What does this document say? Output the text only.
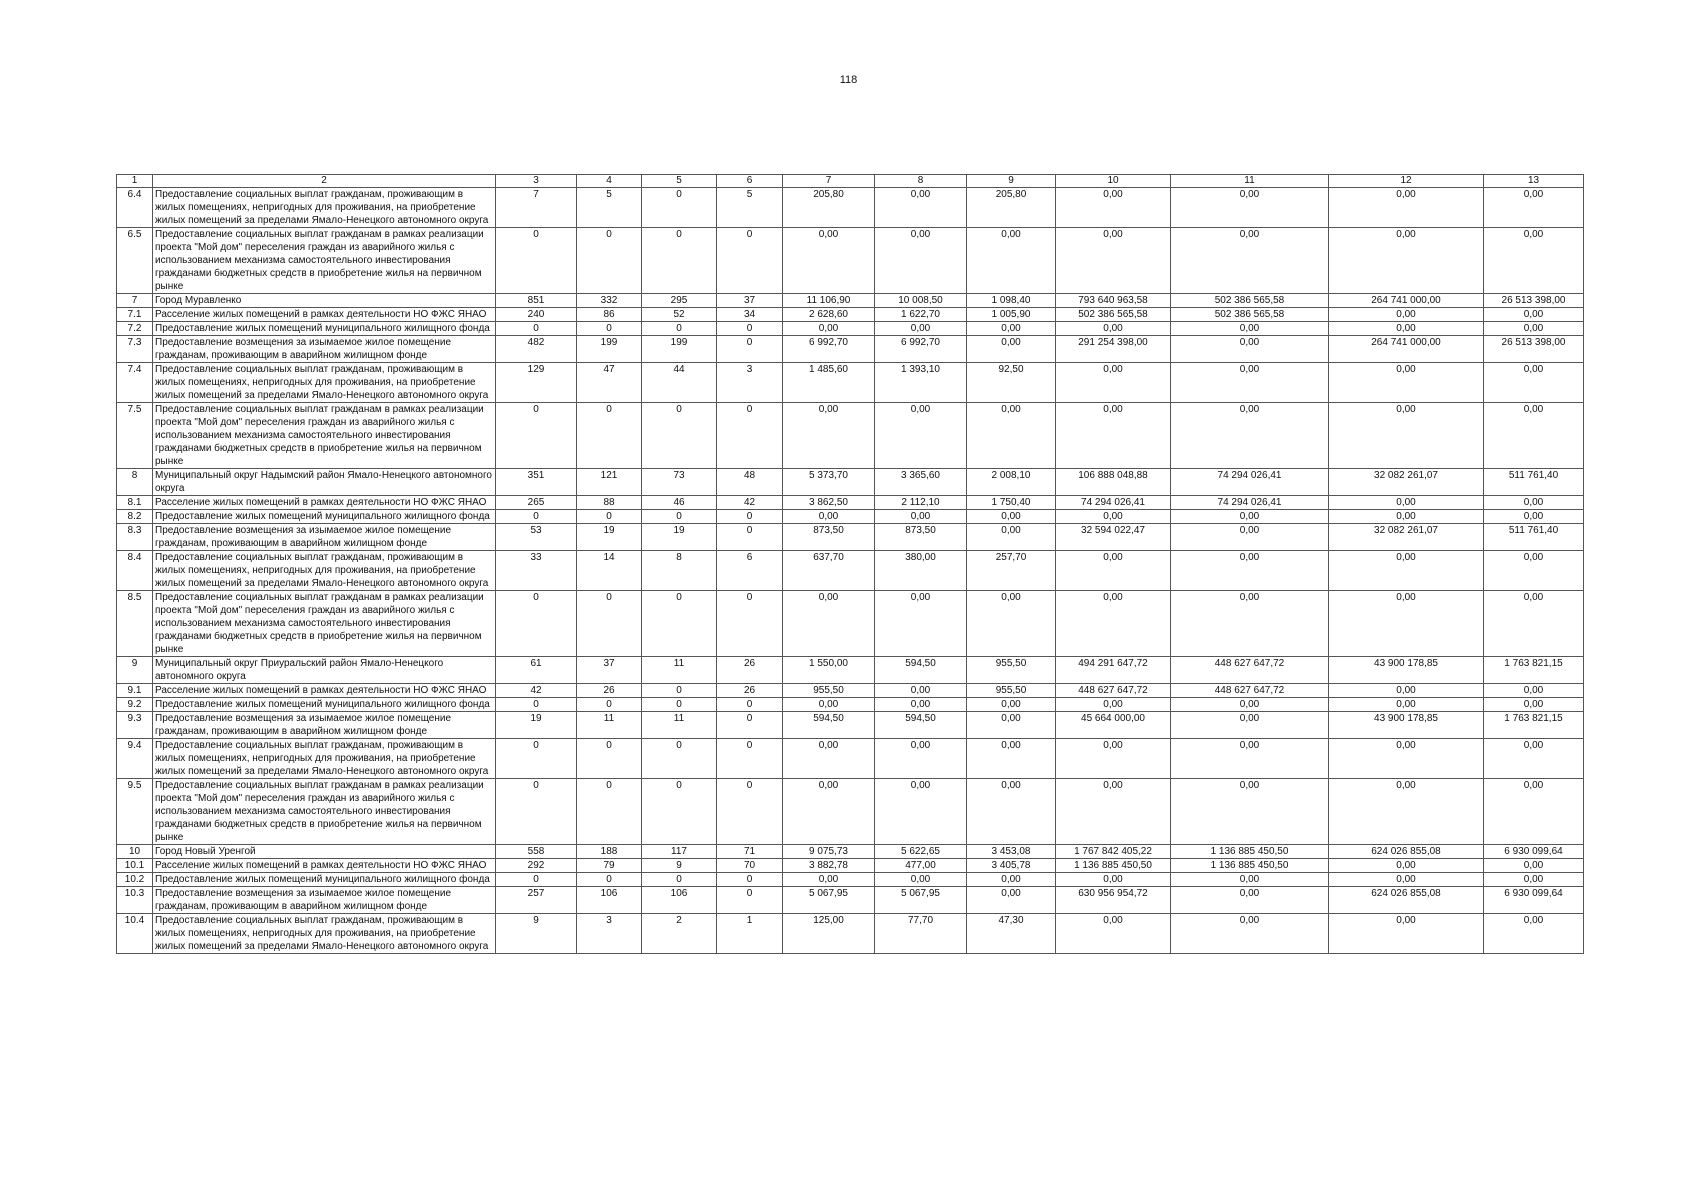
118
1	2	3	4	5	6	7	8	9	10	11	12	13
6.4	Предоставление социальных выплат гражданам, проживающим в жилых помещениях, непригодных для проживания, на приобретение жилых помещений за пределами Ямало-Ненецкого автономного округа	7	5	0	5	205,80	0,00	205,80	0,00	0,00	0,00	0,00
6.5	Предоставление социальных выплат гражданам в рамках реализации проекта "Мой дом" переселения граждан из аварийного жилья с использованием механизма самостоятельного инвестирования гражданами бюджетных средств в приобретение жилья на первичном рынке	0	0	0	0	0,00	0,00	0,00	0,00	0,00	0,00	0,00
7	Город Муравленко	851	332	295	37	11 106,90	10 008,50	1 098,40	793 640 963,58	502 386 565,58	264 741 000,00	26 513 398,00
7.1	Расселение жилых помещений в рамках деятельности НО ФЖС ЯНАО	240	86	52	34	2 628,60	1 622,70	1 005,90	502 386 565,58	502 386 565,58	0,00	0,00
7.2	Предоставление жилых помещений муниципального жилищного фонда	0	0	0	0	0,00	0,00	0,00	0,00	0,00	0,00	0,00
7.3	Предоставление возмещения за изымаемое жилое помещение гражданам, проживающим в аварийном жилищном фонде	482	199	199	0	6 992,70	6 992,70	0,00	291 254 398,00	0,00	264 741 000,00	26 513 398,00
7.4	Предоставление социальных выплат гражданам, проживающим в жилых помещениях, непригодных для проживания, на приобретение жилых помещений за пределами Ямало-Ненецкого автономного округа	129	47	44	3	1 485,60	1 393,10	92,50	0,00	0,00	0,00	0,00
7.5	Предоставление социальных выплат гражданам в рамках реализации проекта "Мой дом" переселения граждан из аварийного жилья с использованием механизма самостоятельного инвестирования гражданами бюджетных средств в приобретение жилья на первичном рынке	0	0	0	0	0,00	0,00	0,00	0,00	0,00	0,00	0,00
8	Муниципальный округ Надымский район Ямало-Ненецкого автономного округа	351	121	73	48	5 373,70	3 365,60	2 008,10	106 888 048,88	74 294 026,41	32 082 261,07	511 761,40
8.1	Расселение жилых помещений в рамках деятельности НО ФЖС ЯНАО	265	88	46	42	3 862,50	2 112,10	1 750,40	74 294 026,41	74 294 026,41	0,00	0,00
8.2	Предоставление жилых помещений муниципального жилищного фонда	0	0	0	0	0,00	0,00	0,00	0,00	0,00	0,00	0,00
8.3	Предоставление возмещения за изымаемое жилое помещение гражданам, проживающим в аварийном жилищном фонде	53	19	19	0	873,50	873,50	0,00	32 594 022,47	0,00	32 082 261,07	511 761,40
8.4	Предоставление социальных выплат гражданам, проживающим в жилых помещениях, непригодных для проживания, на приобретение жилых помещений за пределами Ямало-Ненецкого автономного округа	33	14	8	6	637,70	380,00	257,70	0,00	0,00	0,00	0,00
8.5	Предоставление социальных выплат гражданам в рамках реализации проекта "Мой дом" переселения граждан из аварийного жилья с использованием механизма самостоятельного инвестирования гражданами бюджетных средств в приобретение жилья на первичном рынке	0	0	0	0	0,00	0,00	0,00	0,00	0,00	0,00	0,00
9	Муниципальный округ Приуральский район Ямало-Ненецкого автономного округа	61	37	11	26	1 550,00	594,50	955,50	494 291 647,72	448 627 647,72	43 900 178,85	1 763 821,15
9.1	Расселение жилых помещений в рамках деятельности НО ФЖС ЯНАО	42	26	0	26	955,50	0,00	955,50	448 627 647,72	448 627 647,72	0,00	0,00
9.2	Предоставление жилых помещений муниципального жилищного фонда	0	0	0	0	0,00	0,00	0,00	0,00	0,00	0,00	0,00
9.3	Предоставление возмещения за изымаемое жилое помещение гражданам, проживающим в аварийном жилищном фонде	19	11	11	0	594,50	594,50	0,00	45 664 000,00	0,00	43 900 178,85	1 763 821,15
9.4	Предоставление социальных выплат гражданам, проживающим в жилых помещениях, непригодных для проживания, на приобретение жилых помещений за пределами Ямало-Ненецкого автономного округа	0	0	0	0	0,00	0,00	0,00	0,00	0,00	0,00	0,00
9.5	Предоставление социальных выплат гражданам в рамках реализации проекта "Мой дом" переселения граждан из аварийного жилья с использованием механизма самостоятельного инвестирования гражданами бюджетных средств в приобретение жилья на первичном рынке	0	0	0	0	0,00	0,00	0,00	0,00	0,00	0,00	0,00
10	Город Новый Уренгой	558	188	117	71	9 075,73	5 622,65	3 453,08	1 767 842 405,22	1 136 885 450,50	624 026 855,08	6 930 099,64
10.1	Расселение жилых помещений в рамках деятельности НО ФЖС ЯНАО	292	79	9	70	3 882,78	477,00	3 405,78	1 136 885 450,50	1 136 885 450,50	0,00	0,00
10.2	Предоставление жилых помещений муниципального жилищного фонда	0	0	0	0	0,00	0,00	0,00	0,00	0,00	0,00	0,00
10.3	Предоставление возмещения за изымаемое жилое помещение гражданам, проживающим в аварийном жилищном фонде	257	106	106	0	5 067,95	5 067,95	0,00	630 956 954,72	0,00	624 026 855,08	6 930 099,64
10.4	Предоставление социальных выплат гражданам, проживающим в жилых помещениях, непригодных для проживания, на приобретение жилых помещений за пределами Ямало-Ненецкого автономного округа	9	3	2	1	125,00	77,70	47,30	0,00	0,00	0,00	0,00
